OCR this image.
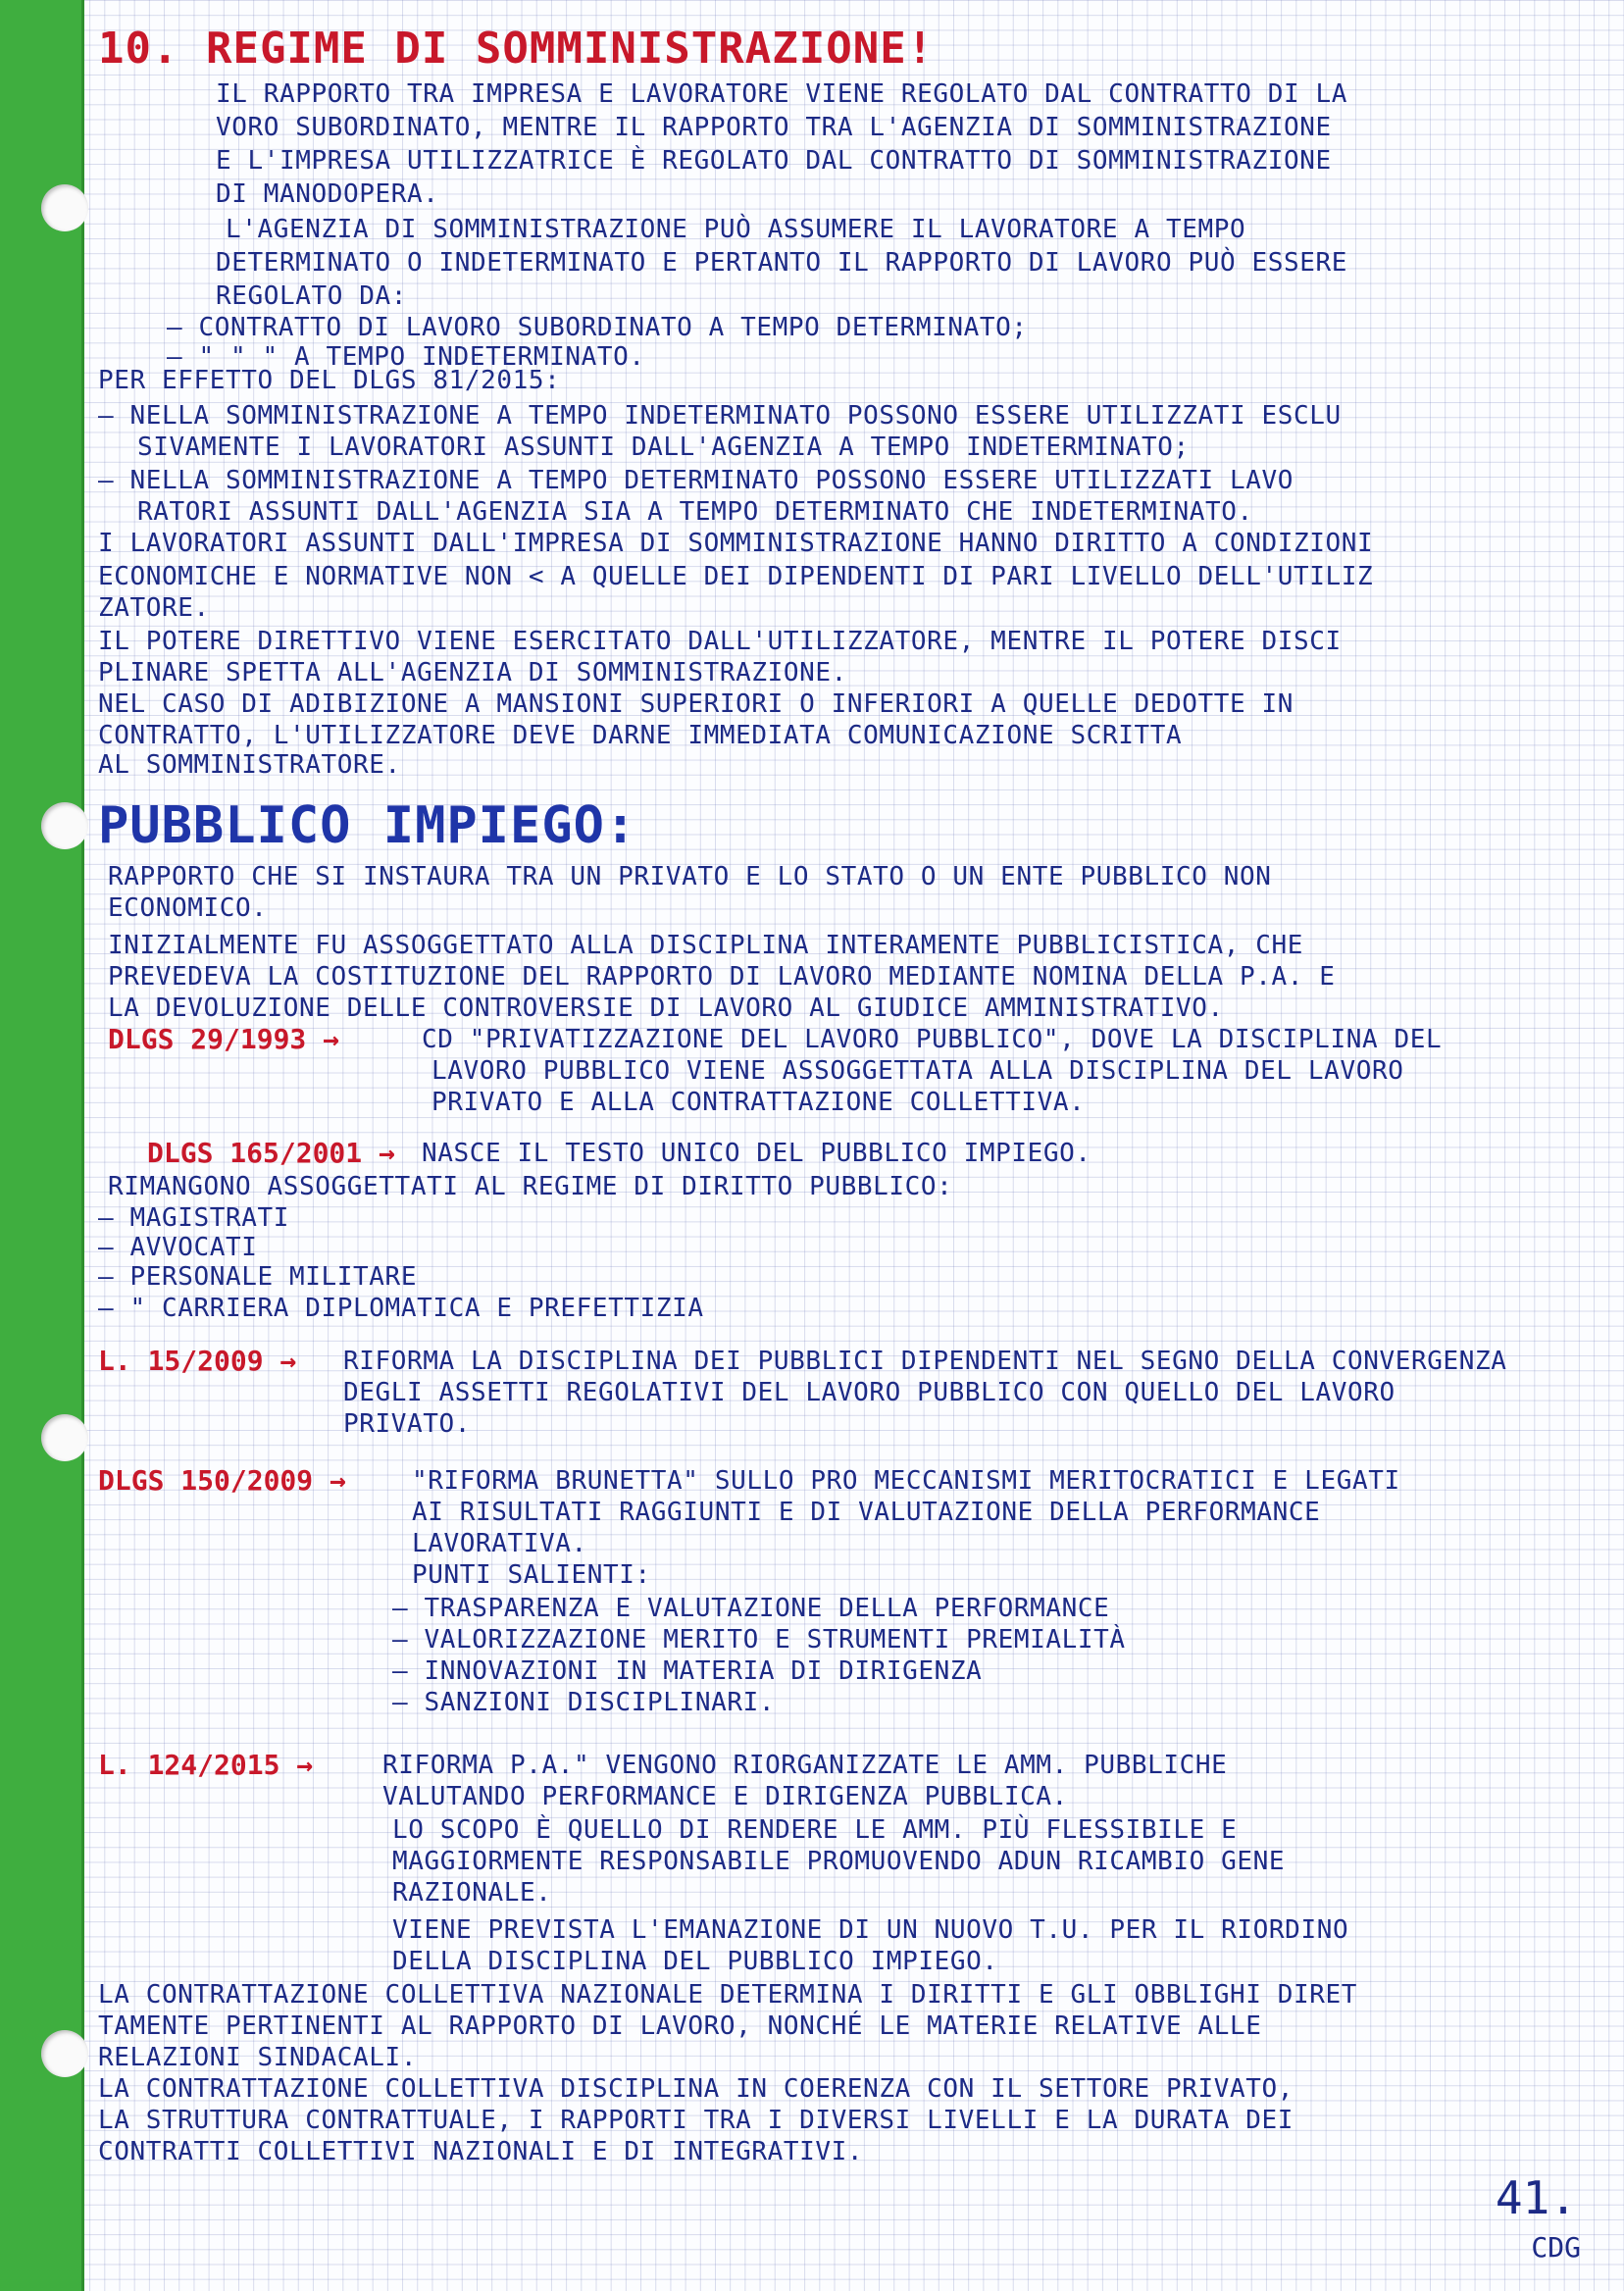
10. REGIME DI SOMMINISTRAZIONE!
IL RAPPORTO TRA IMPRESA E LAVORATORE VIENE REGOLATO DAL CONTRATTO DI LA
VORO SUBORDINATO, MENTRE IL RAPPORTO TRA L'AGENZIA DI SOMMINISTRAZIONE
E L'IMPRESA UTILIZZATRICE È REGOLATO DAL CONTRATTO DI SOMMINISTRAZIONE
DI MANODOPERA.
L'AGENZIA DI SOMMINISTRAZIONE PUÒ ASSUMERE IL LAVORATORE A TEMPO
DETERMINATO O INDETERMINATO E PERTANTO IL RAPPORTO DI LAVORO PUÒ ESSERE
REGOLATO DA:
— CONTRATTO DI LAVORO SUBORDINATO A TEMPO DETERMINATO;
— " " " A TEMPO INDETERMINATO.
PER EFFETTO DEL DLGS 81/2015:
— NELLA SOMMINISTRAZIONE A TEMPO INDETERMINATO POSSONO ESSERE UTILIZZATI ESCLU
SIVAMENTE I LAVORATORI ASSUNTI DALL'AGENZIA A TEMPO INDETERMINATO;
— NELLA SOMMINISTRAZIONE A TEMPO DETERMINATO POSSONO ESSERE UTILIZZATI LAVO
RATORI ASSUNTI DALL'AGENZIA SIA A TEMPO DETERMINATO CHE INDETERMINATO.
I LAVORATORI ASSUNTI DALL'IMPRESA DI SOMMINISTRAZIONE HANNO DIRITTO A CONDIZIONI
ECONOMICHE E NORMATIVE NON < A QUELLE DEI DIPENDENTI DI PARI LIVELLO DELL'UTILIZ
ZATORE.
IL POTERE DIRETTIVO VIENE ESERCITATO DALL'UTILIZZATORE, MENTRE IL POTERE DISCI
PLINARE SPETTA ALL'AGENZIA DI SOMMINISTRAZIONE.
NEL CASO DI ADIBIZIONE A MANSIONI SUPERIORI O INFERIORI A QUELLE DEDOTTE IN
CONTRATTO, L'UTILIZZATORE DEVE DARNE IMMEDIATA COMUNICAZIONE SCRITTA
AL SOMMINISTRATORE.
PUBBLICO IMPIEGO:
RAPPORTO CHE SI INSTAURA TRA UN PRIVATO E LO STATO O UN ENTE PUBBLICO NON
ECONOMICO.
INIZIALMENTE FU ASSOGGETTATO ALLA DISCIPLINA INTERAMENTE PUBBLICISTICA, CHE
PREVEDEVA LA COSTITUZIONE DEL RAPPORTO DI LAVORO MEDIANTE NOMINA DELLA P.A. E
LA DEVOLUZIONE DELLE CONTROVERSIE DI LAVORO AL GIUDICE AMMINISTRATIVO.
DLGS 29/1993 →	CD "PRIVATIZZAZIONE DEL LAVORO PUBBLICO", DOVE LA DISCIPLINA DEL
LAVORO PUBBLICO VIENE ASSOGGETTATA ALLA DISCIPLINA DEL LAVORO
PRIVATO E ALLA CONTRATTAZIONE COLLETTIVA.
DLGS 165/2001 → NASCE IL TESTO UNICO DEL PUBBLICO IMPIEGO.
RIMANGONO ASSOGGETTATI AL REGIME DI DIRITTO PUBBLICO:
— MAGISTRATI
— AVVOCATI
— PERSONALE MILITARE
— " CARRIERA DIPLOMATICA E PREFETTIZIA
L. 15/2009 → RIFORMA LA DISCIPLINA DEI PUBBLICI DIPENDENTI NEL SEGNO DELLA CONVERGENZA
DEGLI ASSETTI REGOLATIVI DEL LAVORO PUBBLICO CON QUELLO DEL LAVORO
PRIVATO.
DLGS 150/2009 →	"RIFORMA BRUNETTA" SULLO PRO MECCANISMI MERITOCRATICI E LEGATI
AI RISULTATI RAGGIUNTI E DI VALUTAZIONE DELLA PERFORMANCE
LAVORATIVA.
PUNTI SALIENTI:
— TRASPARENZA E VALUTAZIONE DELLA PERFORMANCE
— VALORIZZAZIONE MERITO E STRUMENTI PREMIALITÀ
— INNOVAZIONI IN MATERIA DI DIRIGENZA
— SANZIONI DISCIPLINARI.
L. 124/2015 →	RIFORMA P.A." VENGONO RIORGANIZZATE LE AMM. PUBBLICHE
VALUTANDO PERFORMANCE E DIRIGENZA PUBBLICA.
LO SCOPO È QUELLO DI RENDERE LE AMM. PIÙ FLESSIBILE E
MAGGIORMENTE RESPONSABILE PROMUOVENDO ADUN RICAMBIO GENE
RAZIONALE.
VIENE PREVISTA L'EMANAZIONE DI UN NUOVO T.U. PER IL RIORDINO
DELLA DISCIPLINA DEL PUBBLICO IMPIEGO.
LA CONTRATTAZIONE COLLETTIVA NAZIONALE DETERMINA I DIRITTI E GLI OBBLIGHI DIRET
TAMENTE PERTINENTI AL RAPPORTO DI LAVORO, NONCHÉ LE MATERIE RELATIVE ALLE
RELAZIONI SINDACALI.
LA CONTRATTAZIONE COLLETTIVA DISCIPLINA IN COERENZA CON IL SETTORE PRIVATO,
LA STRUTTURA CONTRATTUALE, I RAPPORTI TRA I DIVERSI LIVELLI E LA DURATA DEI
CONTRATTI COLLETTIVI NAZIONALI E DI INTEGRATIVI.
41.
CDG
